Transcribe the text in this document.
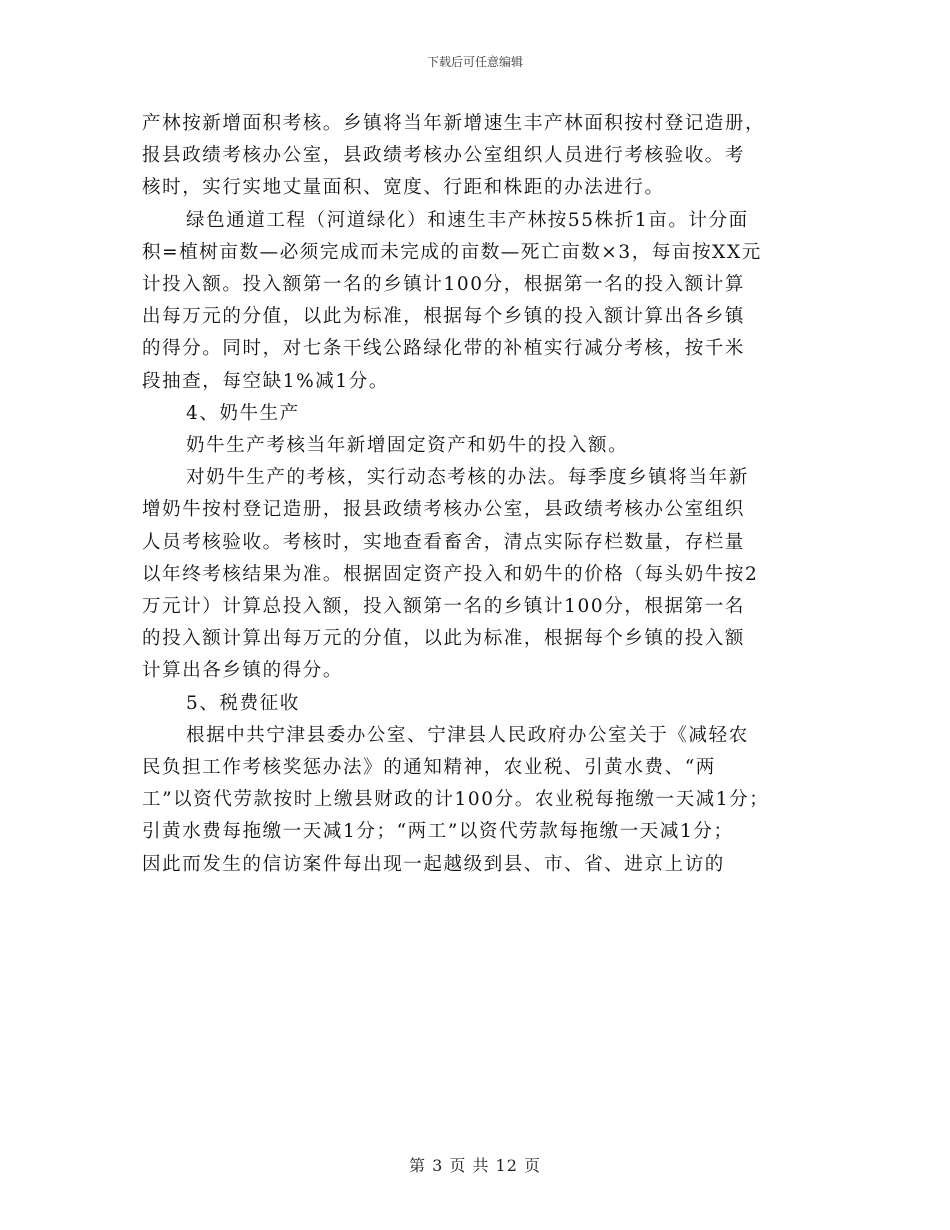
下载后可任意编辑

产林按新增面积考核。乡镇将当年新增速生丰产林面积按村登记造册，

报县政绩考核办公室，县政绩考核办公室组织人员进行考核验收。考

核时，实行实地丈量面积、宽度、行距和株距的办法进行。

绿色通道工程（河道绿化）和速生丰产林按55株折1亩。计分面

积=植树亩数—必须完成而未完成的亩数—死亡亩数×3，每亩按XX元

计投入额。投入额第一名的乡镇计100分，根据第一名的投入额计算

出每万元的分值，以此为标准，根据每个乡镇的投入额计算出各乡镇

的得分。同时，对七条干线公路绿化带的补植实行减分考核，按千米

段抽查，每空缺1%减1分。

4、奶牛生产

奶牛生产考核当年新增固定资产和奶牛的投入额。

对奶牛生产的考核，实行动态考核的办法。每季度乡镇将当年新

增奶牛按村登记造册，报县政绩考核办公室，县政绩考核办公室组织

人员考核验收。考核时，实地查看畜舍，清点实际存栏数量，存栏量

以年终考核结果为准。根据固定资产投入和奶牛的价格（每头奶牛按2

万元计）计算总投入额，投入额第一名的乡镇计100分，根据第一名

的投入额计算出每万元的分值，以此为标准，根据每个乡镇的投入额

计算出各乡镇的得分。

5、税费征收

根据中共宁津县委办公室、宁津县人民政府办公室关于《减轻农

民负担工作考核奖惩办法》的通知精神，农业税、引黄水费、“两

工”以资代劳款按时上缴县财政的计100分。农业税每拖缴一天减1分；

引黄水费每拖缴一天减1分；“两工”以资代劳款每拖缴一天减1分；

因此而发生的信访案件每出现一起越级到县、市、省、进京上访的

第 3 页 共 12 页
